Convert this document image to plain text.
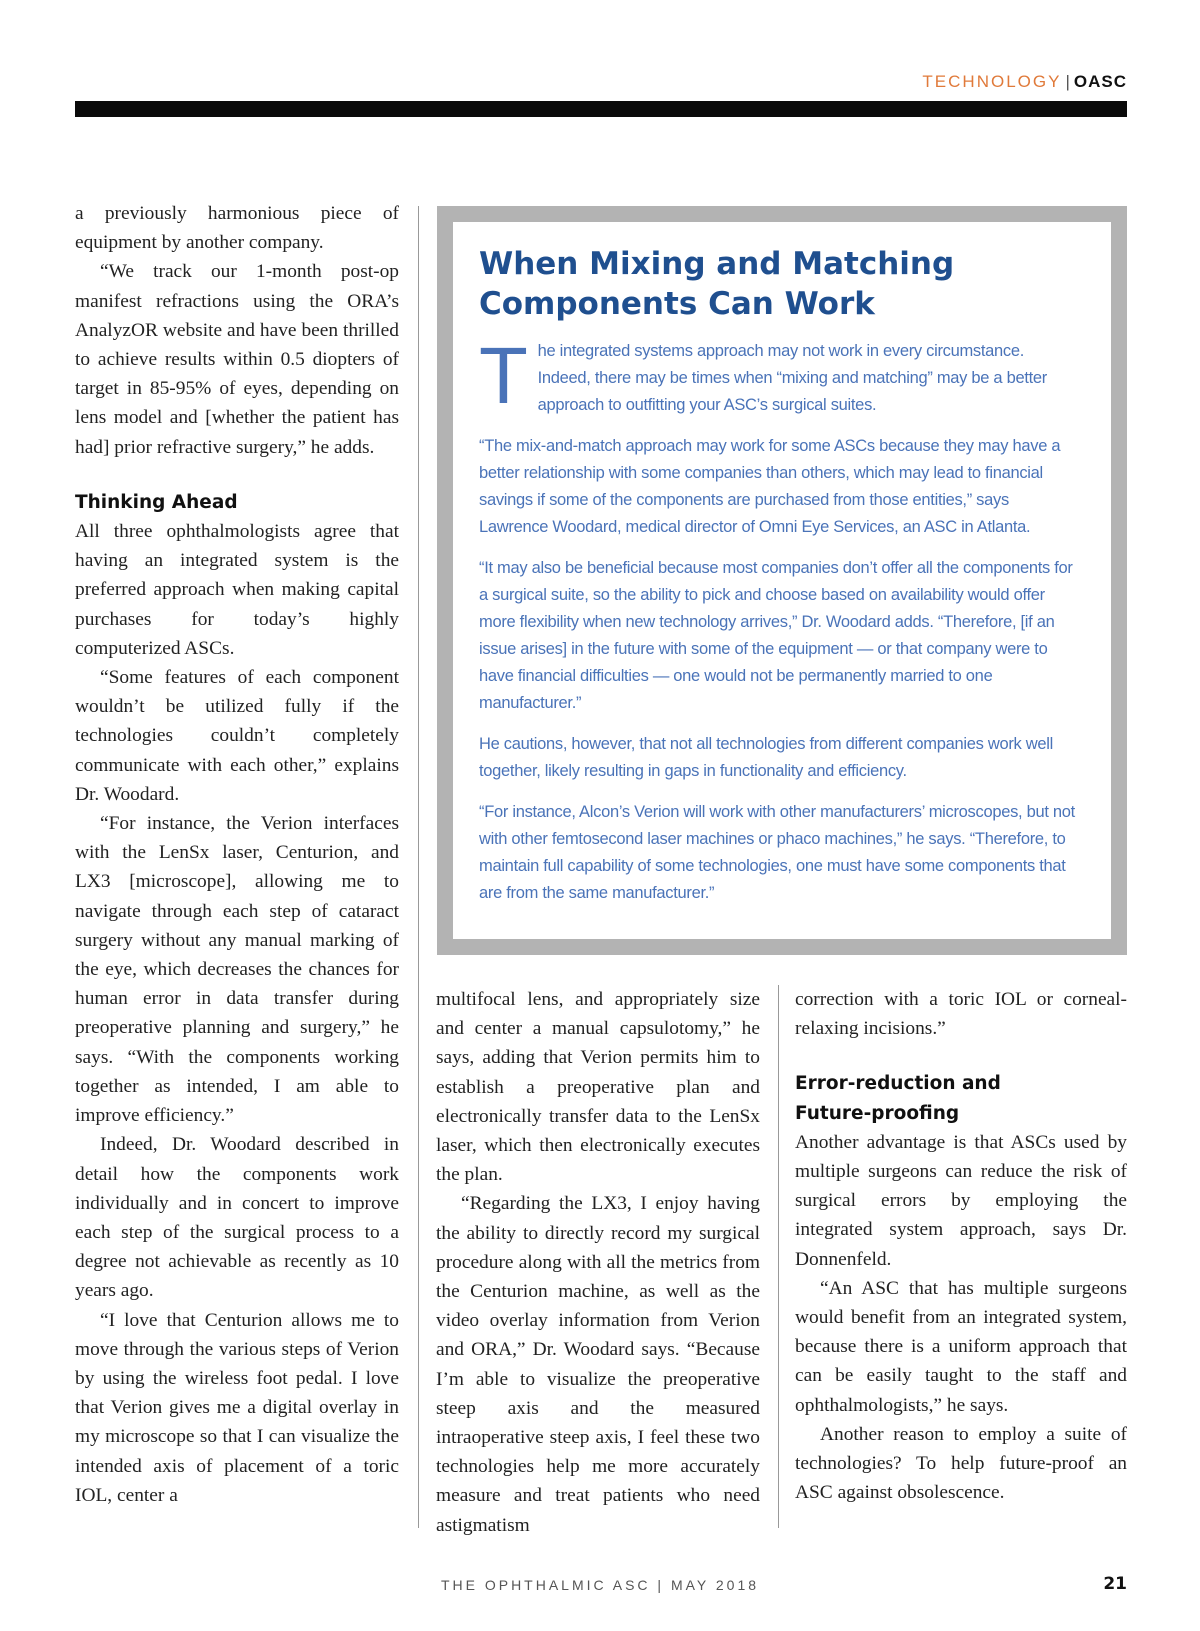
TECHNOLOGY | OASC

a previously harmonious piece of equipment by another company.

“We track our 1-month post-op manifest refractions using the ORA’s AnalyzOR website and have been thrilled to achieve results within 0.5 diopters of target in 85-95% of eyes, depending on lens model and [whether the patient has had] prior refractive surgery,” he adds.

Thinking Ahead

All three ophthalmologists agree that having an integrated system is the preferred approach when making capital purchases for today’s highly computerized ASCs.

“Some features of each component wouldn’t be utilized fully if the technologies couldn’t completely communicate with each other,” explains Dr. Woodard.

“For instance, the Verion interfaces with the LenSx laser, Centurion, and LX3 [microscope], allowing me to navigate through each step of cataract surgery without any manual marking of the eye, which decreases the chances for human error in data transfer during preoperative planning and surgery,” he says. “With the components working together as intended, I am able to improve efficiency.”

Indeed, Dr. Woodard described in detail how the components work individually and in concert to improve each step of the surgical process to a degree not achievable as recently as 10 years ago.

“I love that Centurion allows me to move through the various steps of Verion by using the wireless foot pedal. I love that Verion gives me a digital overlay in my microscope so that I can visualize the intended axis of placement of a toric IOL, center a

When Mixing and Matching
Components Can Work

The integrated systems approach may not work in every circumstance. Indeed, there may be times when “mixing and matching” may be a better approach to outfitting your ASC’s surgical suites.

“The mix-and-match approach may work for some ASCs because they may have a better relationship with some companies than others, which may lead to financial savings if some of the components are purchased from those entities,” says Lawrence Woodard, medical director of Omni Eye Services, an ASC in Atlanta.

“It may also be beneficial because most companies don’t offer all the components for a surgical suite, so the ability to pick and choose based on availability would offer more flexibility when new technology arrives,” Dr. Woodard adds. “Therefore, [if an issue arises] in the future with some of the equipment — or that company were to have financial difficulties — one would not be permanently married to one manufacturer.”

He cautions, however, that not all technologies from different companies work well together, likely resulting in gaps in functionality and efficiency.

“For instance, Alcon’s Verion will work with other manufacturers’ microscopes, but not with other femtosecond laser machines or phaco machines,” he says. “Therefore, to maintain full capability of some technologies, one must have some components that are from the same manufacturer.”

multifocal lens, and appropriately size and center a manual capsulotomy,” he says, adding that Verion permits him to establish a preoperative plan and electronically transfer data to the LenSx laser, which then electronically executes the plan.

“Regarding the LX3, I enjoy having the ability to directly record my surgical procedure along with all the metrics from the Centurion machine, as well as the video overlay information from Verion and ORA,” Dr. Woodard says. “Because I’m able to visualize the preoperative steep axis and the measured intraoperative steep axis, I feel these two technologies help me more accurately measure and treat patients who need astigmatism

correction with a toric IOL or corneal-relaxing incisions.”

Error-reduction and
Future-proofing

Another advantage is that ASCs used by multiple surgeons can reduce the risk of surgical errors by employing the integrated system approach, says Dr. Donnenfeld.

“An ASC that has multiple surgeons would benefit from an integrated system, because there is a uniform approach that can be easily taught to the staff and ophthalmologists,” he says.

Another reason to employ a suite of technologies? To help future-proof an ASC against obsolescence.

THE OPHTHALMIC ASC | MAY 2018	21
